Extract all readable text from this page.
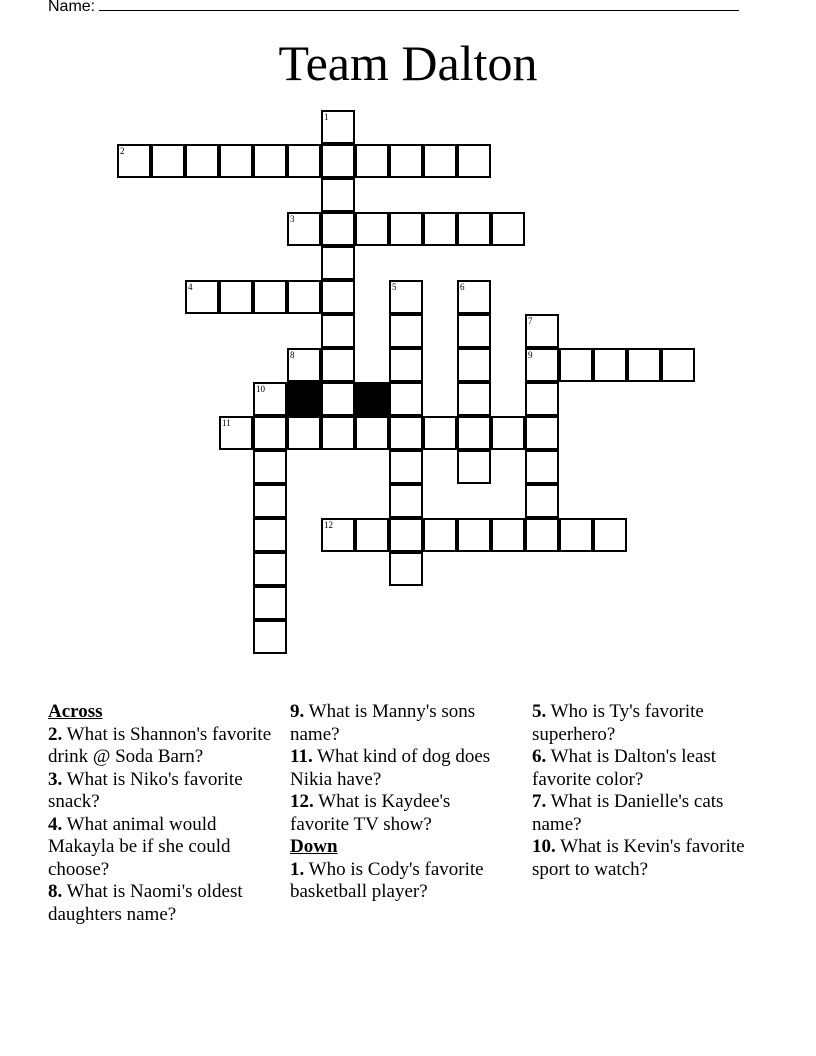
Name:
Team Dalton
2
3
4
9
11
12
1
5	6
7
10
8

Across

2. What is Shannon's favorite drink @ Soda Barn?

3. What is Niko's favorite snack?

4. What animal would Makayla be if she could choose?

8. What is Naomi's oldest daughters name?

9. What is Manny's sons name?

11. What kind of dog does Nikia have?

12. What is Kaydee's favorite TV show?

Down

1. Who is Cody's favorite basketball player?

5. Who is Ty's favorite superhero?

6. What is Dalton's least favorite color?

7. What is Danielle's cats name?

10. What is Kevin's favorite sport to watch?
